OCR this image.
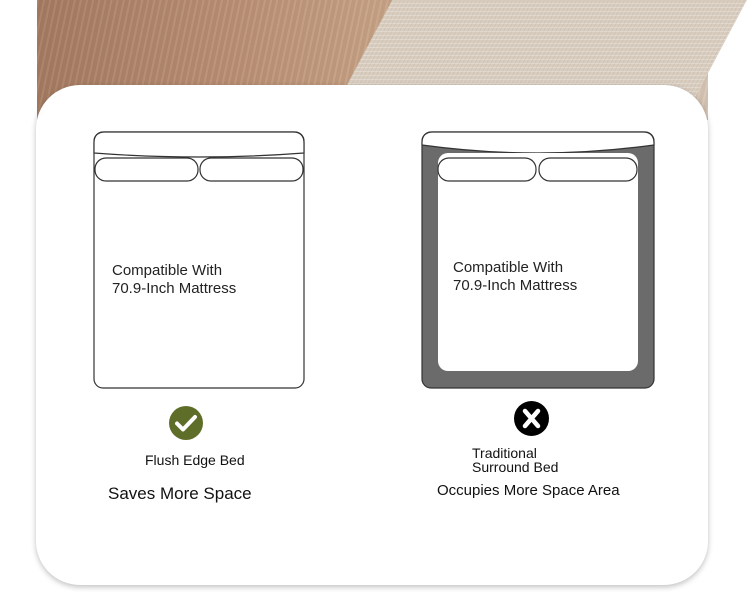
Compatible With
70.9-Inch Mattress
Compatible With
70.9-Inch Mattress
Flush Edge Bed	Traditional
Surround Bed
Saves More Space	Occupies More Space Area
